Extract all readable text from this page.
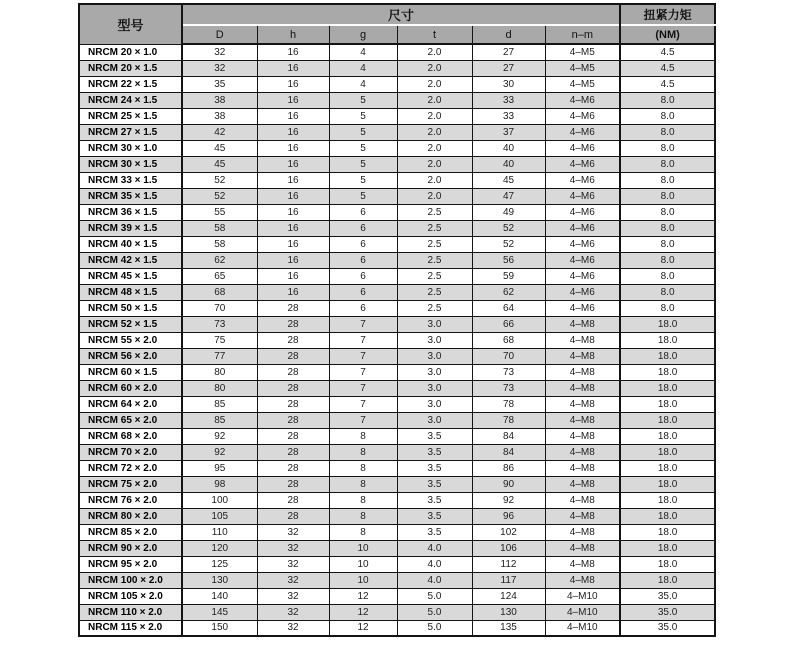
型号	尺寸						扭紧力矩
	D	h	g	t	d	n–m	(NM)
NRCM 20 × 1.0	32	16	4	2.0	27	4–M5	4.5
NRCM 20 × 1.5	32	16	4	2.0	27	4–M5	4.5
NRCM 22 × 1.5	35	16	4	2.0	30	4–M5	4.5
NRCM 24 × 1.5	38	16	5	2.0	33	4–M6	8.0
NRCM 25 × 1.5	38	16	5	2.0	33	4–M6	8.0
NRCM 27 × 1.5	42	16	5	2.0	37	4–M6	8.0
NRCM 30 × 1.0	45	16	5	2.0	40	4–M6	8.0
NRCM 30 × 1.5	45	16	5	2.0	40	4–M6	8.0
NRCM 33 × 1.5	52	16	5	2.0	45	4–M6	8.0
NRCM 35 × 1.5	52	16	5	2.0	47	4–M6	8.0
NRCM 36 × 1.5	55	16	6	2.5	49	4–M6	8.0
NRCM 39 × 1.5	58	16	6	2.5	52	4–M6	8.0
NRCM 40 × 1.5	58	16	6	2.5	52	4–M6	8.0
NRCM 42 × 1.5	62	16	6	2.5	56	4–M6	8.0
NRCM 45 × 1.5	65	16	6	2.5	59	4–M6	8.0
NRCM 48 × 1.5	68	16	6	2.5	62	4–M6	8.0
NRCM 50 × 1.5	70	28	6	2.5	64	4–M6	8.0
NRCM 52 × 1.5	73	28	7	3.0	66	4–M8	18.0
NRCM 55 × 2.0	75	28	7	3.0	68	4–M8	18.0
NRCM 56 × 2.0	77	28	7	3.0	70	4–M8	18.0
NRCM 60 × 1.5	80	28	7	3.0	73	4–M8	18.0
NRCM 60 × 2.0	80	28	7	3.0	73	4–M8	18.0
NRCM 64 × 2.0	85	28	7	3.0	78	4–M8	18.0
NRCM 65 × 2.0	85	28	7	3.0	78	4–M8	18.0
NRCM 68 × 2.0	92	28	8	3.5	84	4–M8	18.0
NRCM 70 × 2.0	92	28	8	3.5	84	4–M8	18.0
NRCM 72 × 2.0	95	28	8	3.5	86	4–M8	18.0
NRCM 75 × 2.0	98	28	8	3.5	90	4–M8	18.0
NRCM 76 × 2.0	100	28	8	3.5	92	4–M8	18.0
NRCM 80 × 2.0	105	28	8	3.5	96	4–M8	18.0
NRCM 85 × 2.0	110	32	8	3.5	102	4–M8	18.0
NRCM 90 × 2.0	120	32	10	4.0	106	4–M8	18.0
NRCM 95 × 2.0	125	32	10	4.0	112	4–M8	18.0
NRCM 100 × 2.0	130	32	10	4.0	117	4–M8	18.0
NRCM 105 × 2.0	140	32	12	5.0	124	4–M10	35.0
NRCM 110 × 2.0	145	32	12	5.0	130	4–M10	35.0
NRCM 115 × 2.0	150	32	12	5.0	135	4–M10	35.0
